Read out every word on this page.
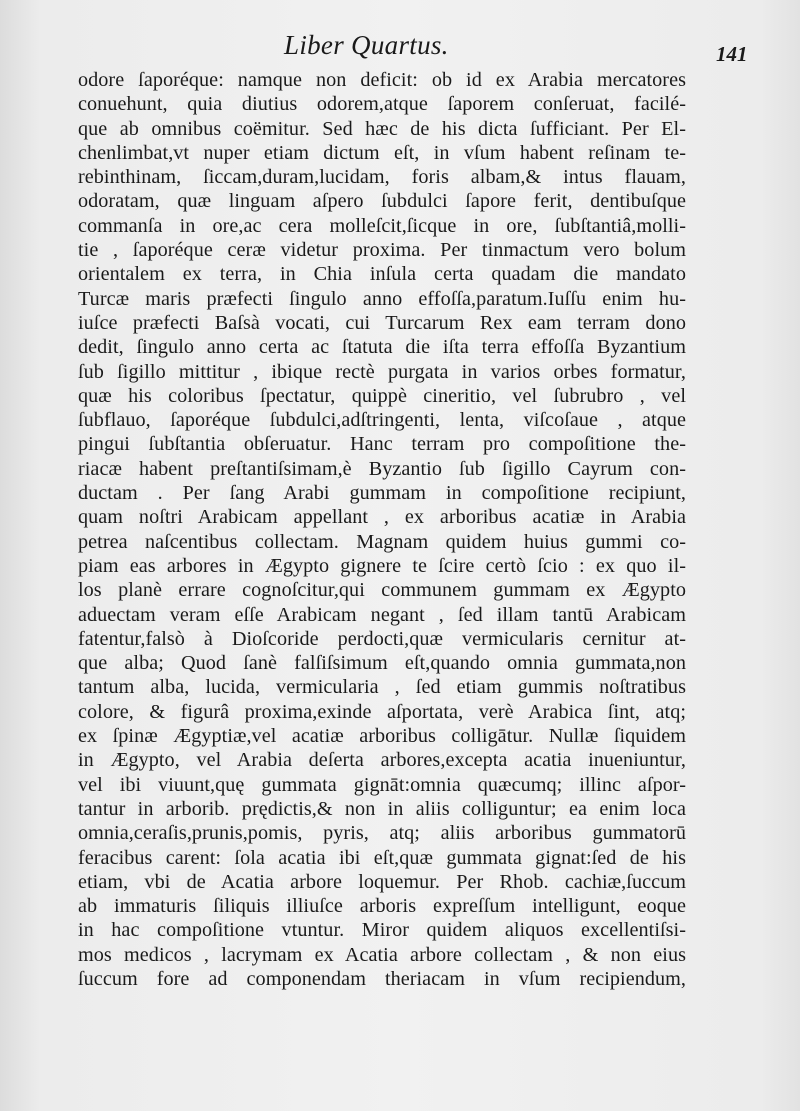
Liber Quartus.	141
odore ſaporéque: namque non deficit: ob id ex Arabia mercatores
conuehunt, quia diutius odorem,atque ſaporem conſeruat, facilé-
que ab omnibus coëmitur. Sed hæc de his dicta ſufficiant. Per El-
chenlimbat,vt nuper etiam dictum eſt, in vſum habent reſinam te-
rebinthinam, ſiccam,duram,lucidam, foris albam,& intus flauam,
odoratam, quæ linguam aſpero ſubdulci ſapore ferit, dentibuſque
commanſa in ore,ac cera molleſcit,ſicque in ore, ſubſtantiâ,molli-
tie , ſaporéque ceræ videtur proxima. Per tinmactum vero bolum
orientalem ex terra, in Chia inſula certa quadam die mandato
Turcæ maris præfecti ſingulo anno effoſſa,paratum.Iuſſu enim hu-
iuſce præfecti Baſsà vocati, cui Turcarum Rex eam terram dono
dedit, ſingulo anno certa ac ſtatuta die iſta terra effoſſa Byzantium
ſub ſigillo mittitur , ibique rectè purgata in varios orbes formatur,
quæ his coloribus ſpectatur, quippè cineritio, vel ſubrubro , vel
ſubflauo, ſaporéque ſubdulci,adſtringenti, lenta, viſcoſaue , atque
pingui ſubſtantia obſeruatur. Hanc terram pro compoſitione the-
riacæ habent preſtantiſsimam,è Byzantio ſub ſigillo Cayrum con-
ductam . Per ſang Arabi gummam in compoſitione recipiunt,
quam noſtri Arabicam appellant , ex arboribus acatiæ in Arabia
petrea naſcentibus collectam. Magnam quidem huius gummi co-
piam eas arbores in Ægypto gignere te ſcire certò ſcio : ex quo il-
los planè errare cognoſcitur,qui communem gummam ex Ægypto
aduectam veram eſſe Arabicam negant , ſed illam tantū Arabicam
fatentur,falsò à Dioſcoride perdocti,quæ vermicularis cernitur at-
que alba; Quod ſanè falſiſsimum eſt,quando omnia gummata,non
tantum alba, lucida, vermicularia , ſed etiam gummis noſtratibus
colore, & figurâ proxima,exinde aſportata, verè Arabica ſint, atq;
ex ſpinæ Ægyptiæ,vel acatiæ arboribus colligātur. Nullæ ſiquidem
in Ægypto, vel Arabia deſerta arbores,excepta acatia inueniuntur,
vel ibi viuunt,quę gummata gignāt:omnia quæcumq; illinc aſpor-
tantur in arborib. prędictis,& non in aliis colliguntur; ea enim loca
omnia,ceraſis,prunis,pomis, pyris, atq; aliis arboribus gummatorū
feracibus carent: ſola acatia ibi eſt,quæ gummata gignat:ſed de his
etiam, vbi de Acatia arbore loquemur. Per Rhob. cachiæ,ſuccum
ab immaturis ſiliquis illiuſce arboris expreſſum intelligunt, eoque
in hac compoſitione vtuntur. Miror quidem aliquos excellentiſsi-
mos medicos , lacrymam ex Acatia arbore collectam , & non eius
ſuccum fore ad componendam theriacam in vſum recipiendum,
